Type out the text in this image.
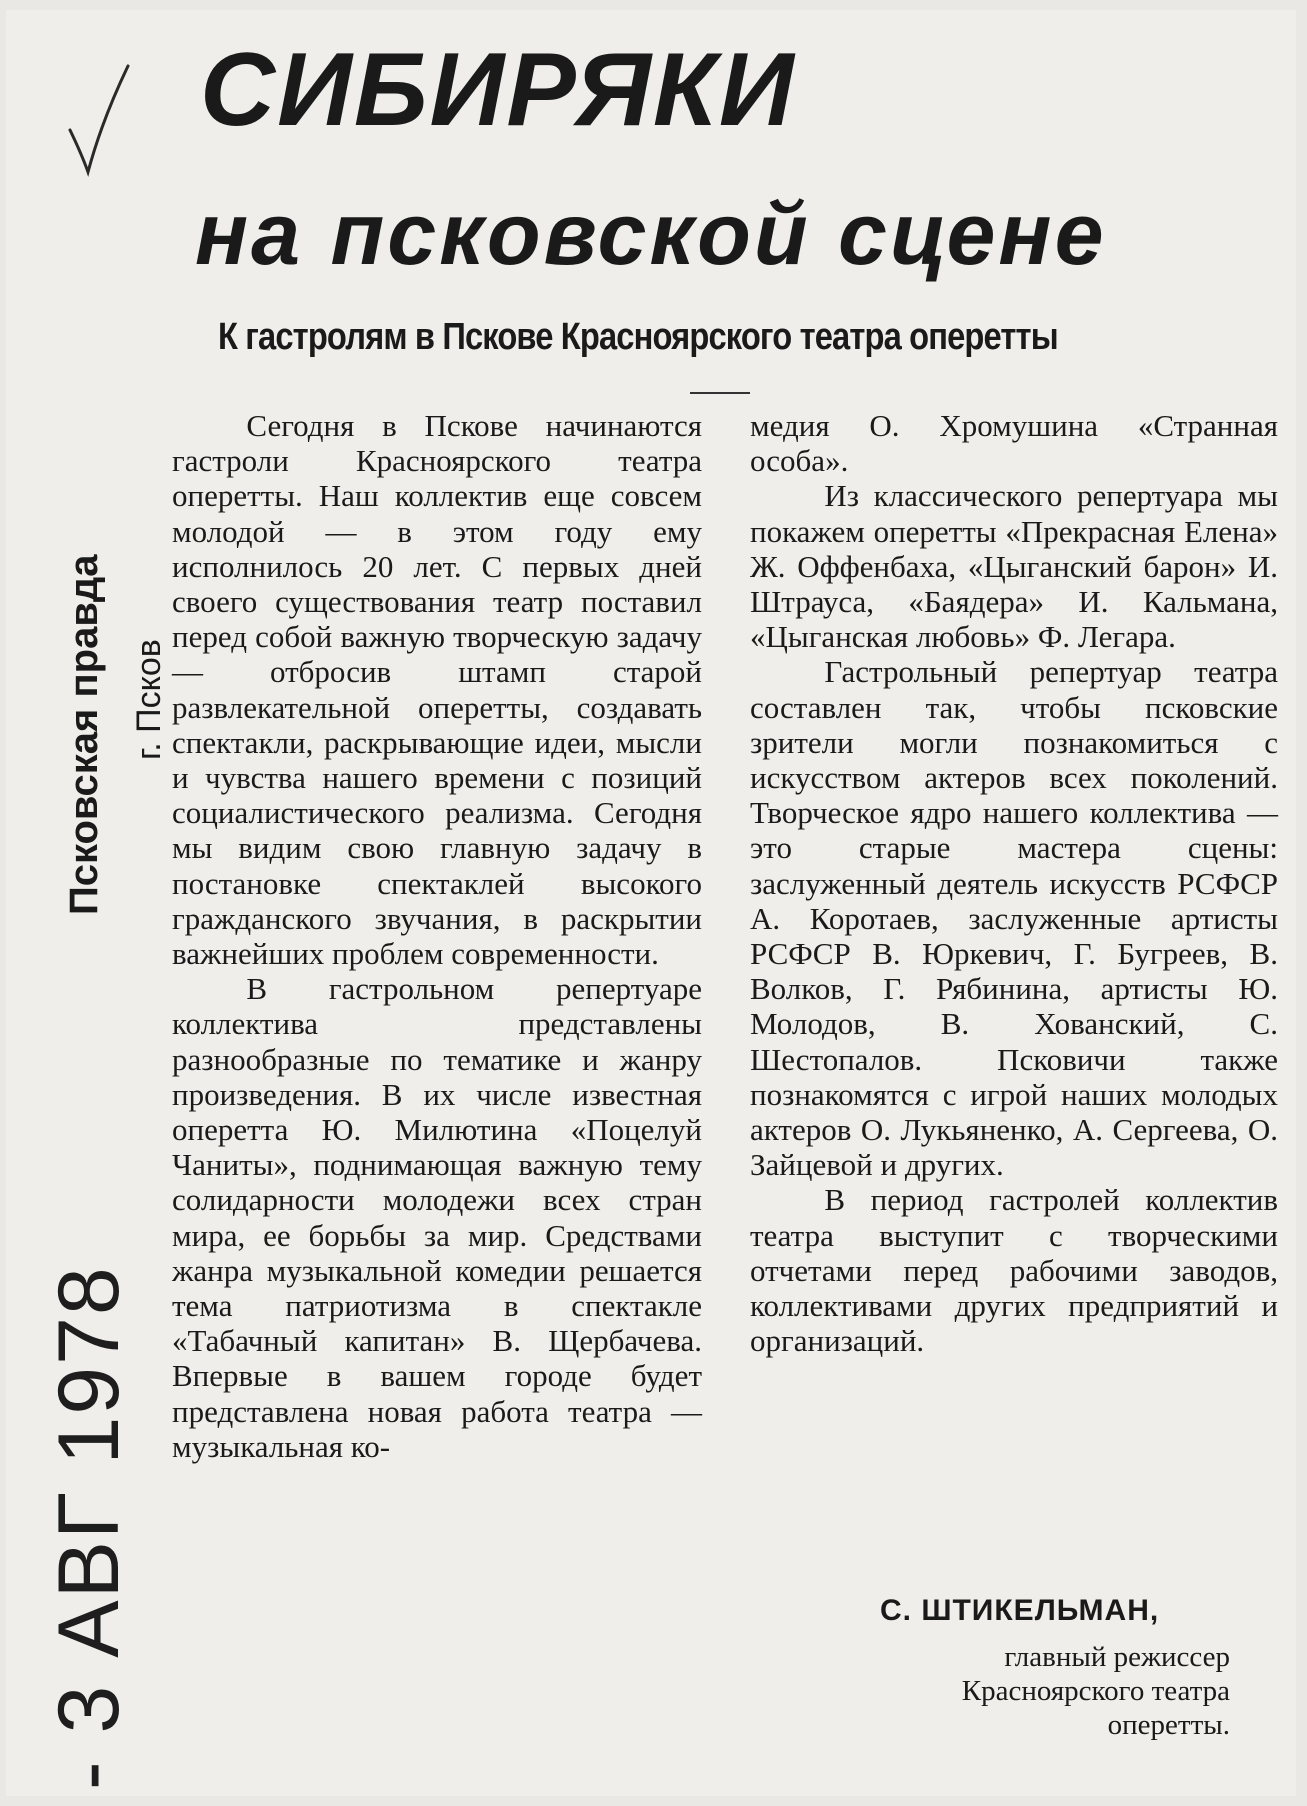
СИБИРЯКИ
на псковской сцене
К гастролям в Пскове Красноярского театра оперетты
Псковская правда г. Псков
- 3 АВГ 1978

Сегодня в Пскове начинаются гастроли Красноярского театра оперетты. Наш коллектив еще совсем молодой — в этом году ему исполнилось 20 лет. С первых дней своего существования театр поставил перед собой важную творческую задачу — отбросив штамп старой развлекательной оперетты, создавать спектакли, раскрывающие идеи, мысли и чувства нашего времени с позиций социалистического реализма. Сегодня мы видим свою главную задачу в постановке спектаклей высокого гражданского звучания, в раскрытии важнейших проблем современности.

В гастрольном репертуаре коллектива представлены разнообразные по тематике и жанру произведения. В их числе известная оперетта Ю. Милютина «Поцелуй Чаниты», поднимающая важную тему солидарности молодежи всех стран мира, ее борьбы за мир. Средствами жанра музыкальной комедии решается тема патриотизма в спектакле «Табачный капитан» В. Щербачева. Впервые в вашем городе будет представлена новая работа театра — музыкальная ко-

медия О. Хромушина «Странная особа».

Из классического репертуара мы покажем оперетты «Прекрасная Елена» Ж. Оффенбаха, «Цыганский барон» И. Штрауса, «Баядера» И. Кальмана, «Цыганская любовь» Ф. Легара.

Гастрольный репертуар театра составлен так, чтобы псковские зрители могли познакомиться с искусством актеров всех поколений. Творческое ядро нашего коллектива — это старые мастера сцены: заслуженный деятель искусств РСФСР А. Коротаев, заслуженные артисты РСФСР В. Юркевич, Г. Бугреев, В. Волков, Г. Рябинина, артисты Ю. Молодов, В. Хованский, С. Шестопалов. Псковичи также познакомятся с игрой наших молодых актеров О. Лукьяненко, А. Сергеева, О. Зайцевой и других.

В период гастролей коллектив театра выступит с творческими отчетами перед рабочими заводов, коллективами других предприятий и организаций.

С. ШТИКЕЛЬМАН,
главный режиссер
Красноярского театра
оперетты.
